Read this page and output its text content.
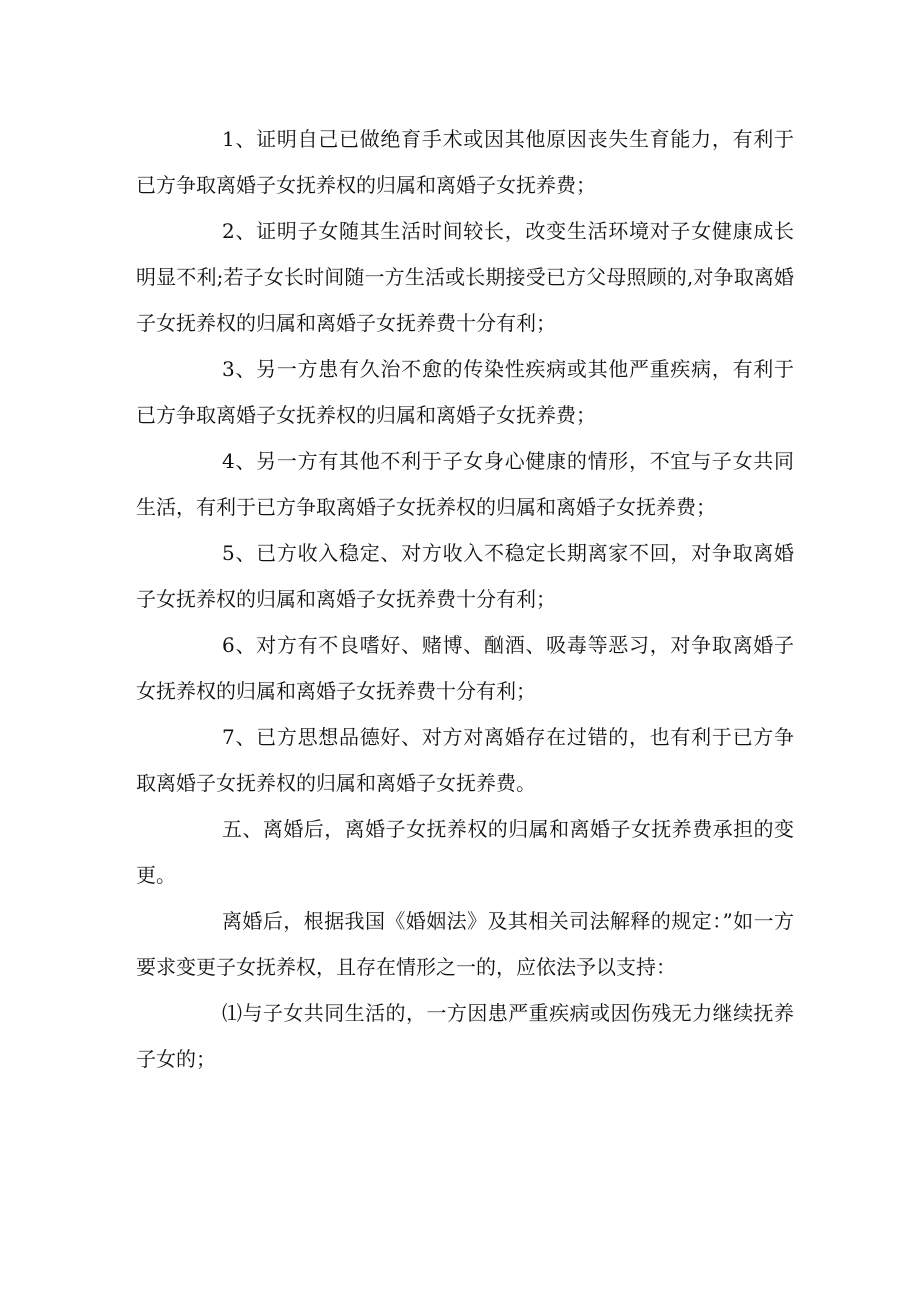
1、证明自己已做绝育手术或因其他原因丧失生育能力，有利于已方争取离婚子女抚养权的归属和离婚子女抚养费；

2、证明子女随其生活时间较长，改变生活环境对子女健康成长明显不利;若子女长时间随一方生活或长期接受已方父母照顾的,对争取离婚子女抚养权的归属和离婚子女抚养费十分有利；

3、另一方患有久治不愈的传染性疾病或其他严重疾病，有利于已方争取离婚子女抚养权的归属和离婚子女抚养费；

4、另一方有其他不利于子女身心健康的情形，不宜与子女共同生活，有利于已方争取离婚子女抚养权的归属和离婚子女抚养费；

5、已方收入稳定、对方收入不稳定长期离家不回，对争取离婚子女抚养权的归属和离婚子女抚养费十分有利；

6、对方有不良嗜好、赌博、酗酒、吸毒等恶习，对争取离婚子女抚养权的归属和离婚子女抚养费十分有利；

7、已方思想品德好、对方对离婚存在过错的，也有利于已方争取离婚子女抚养权的归属和离婚子女抚养费。

五、离婚后，离婚子女抚养权的归属和离婚子女抚养费承担的变更。

离婚后，根据我国《婚姻法》及其相关司法解释的规定：”如一方要求变更子女抚养权，且存在情形之一的，应依法予以支持：

⑴与子女共同生活的，一方因患严重疾病或因伤残无力继续抚养子女的；
